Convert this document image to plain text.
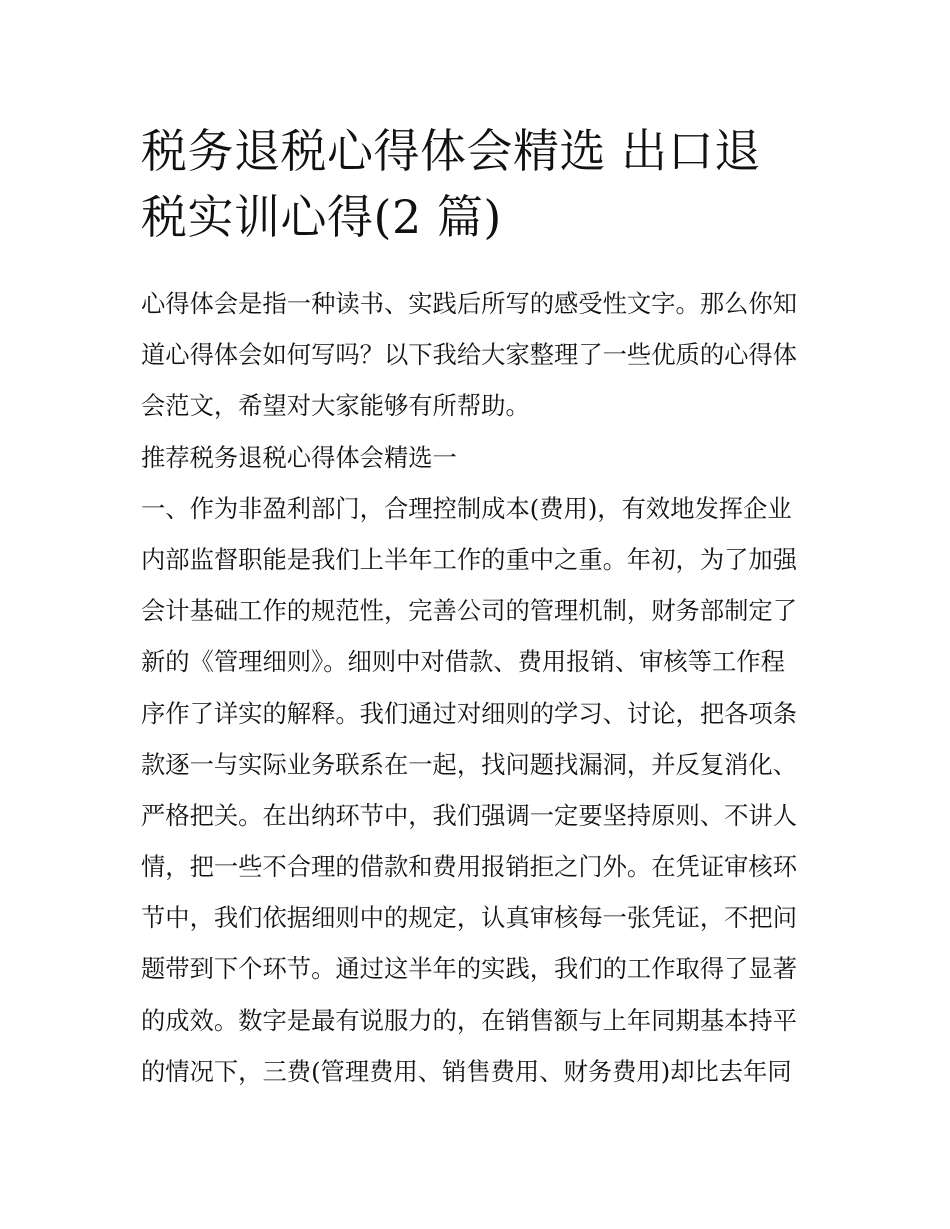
税务退税心得体会精选 出口退
税实训心得(2 篇)
心得体会是指一种读书、实践后所写的感受性文字。那么你知
道心得体会如何写吗？以下我给大家整理了一些优质的心得体
会范文，希望对大家能够有所帮助。
推荐税务退税心得体会精选一
一、作为非盈利部门，合理控制成本(费用)，有效地发挥企业
内部监督职能是我们上半年工作的重中之重。年初，为了加强
会计基础工作的规范性，完善公司的管理机制，财务部制定了
新的《管理细则》。细则中对借款、费用报销、审核等工作程
序作了详实的解释。我们通过对细则的学习、讨论，把各项条
款逐一与实际业务联系在一起，找问题找漏洞，并反复消化、
严格把关。在出纳环节中，我们强调一定要坚持原则、不讲人
情，把一些不合理的借款和费用报销拒之门外。在凭证审核环
节中，我们依据细则中的规定，认真审核每一张凭证，不把问
题带到下个环节。通过这半年的实践，我们的工作取得了显著
的成效。数字是最有说服力的，在销售额与上年同期基本持平
的情况下，三费(管理费用、销售费用、财务费用)却比去年同
